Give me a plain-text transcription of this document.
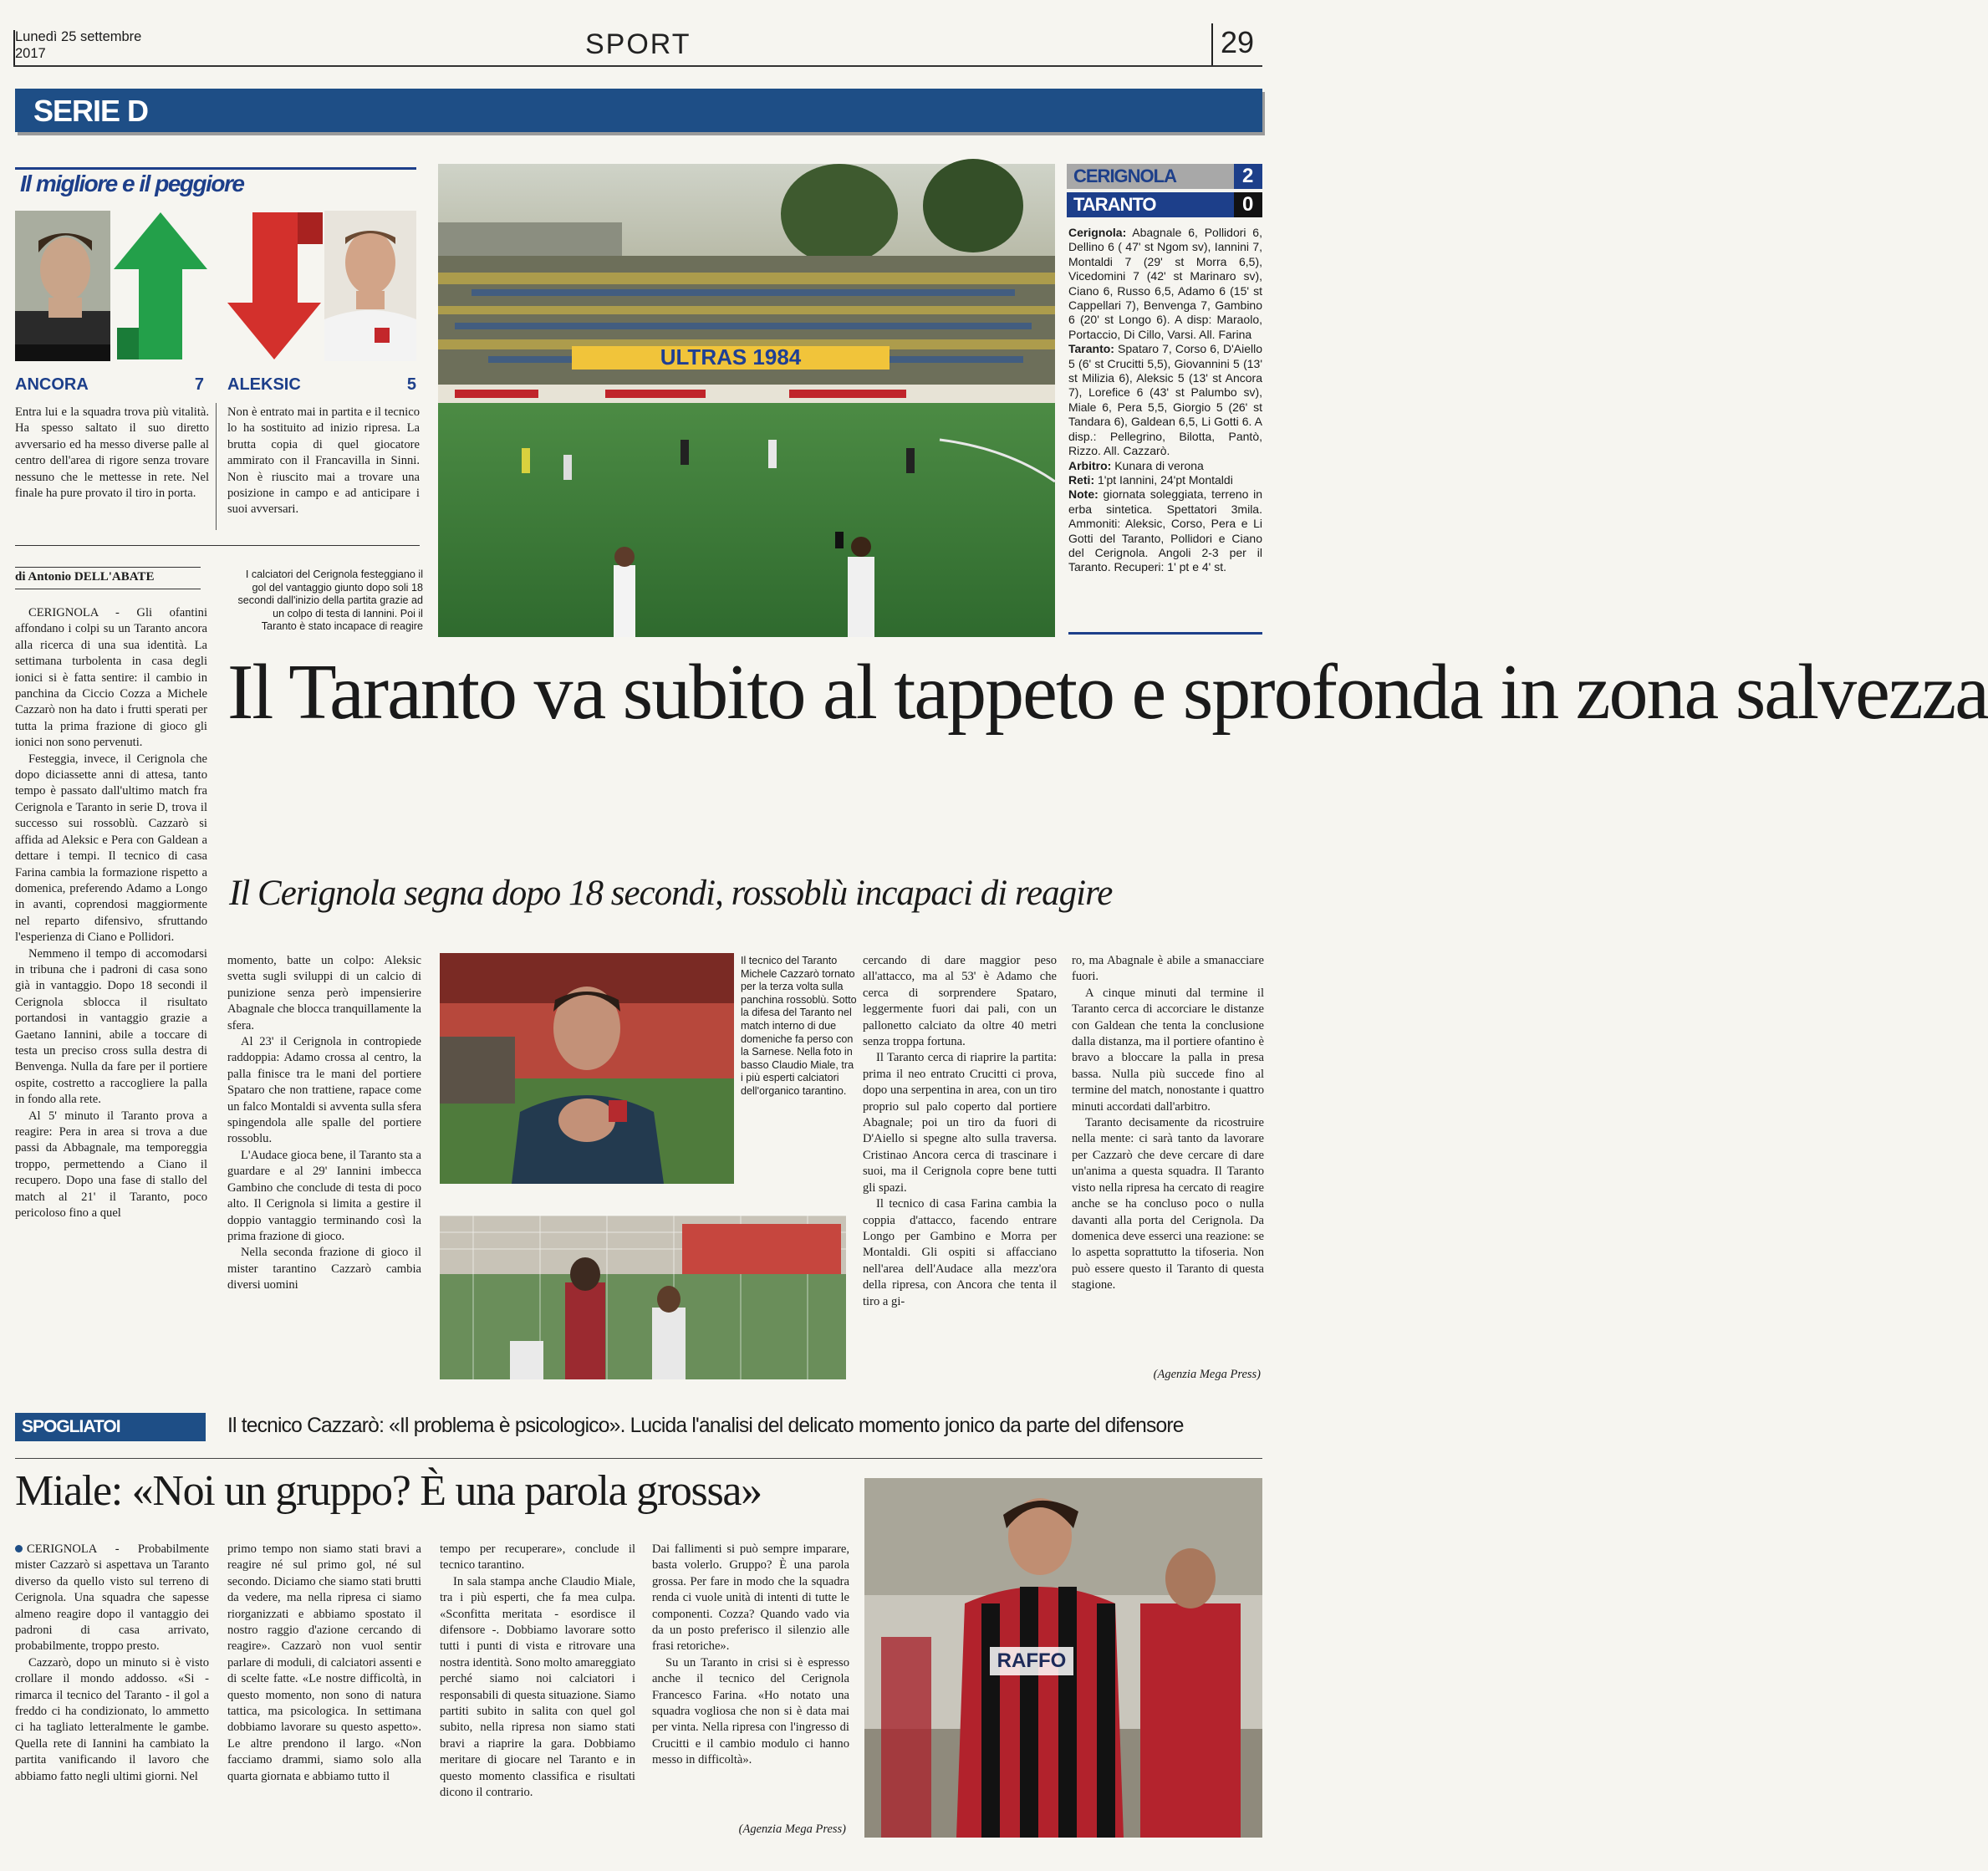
Lunedì 25 settembre
2017	SPORT	29
SERIE D
Il migliore e il peggiore
ANCORA	7 ALEKSIC	5
Entra lui e la squadra trova più vitalità. Ha spesso saltato il suo diretto avversario ed ha messo diverse palle al centro dell'area di rigore senza trovare nessuno che le mettesse in rete. Nel finale ha pure provato il tiro in porta.
Non è entrato mai in partita e il tecnico lo ha sostituito ad inizio ripresa. La brutta copia di quel giocatore ammirato con il Francavilla in Sinni. Non è riuscito mai a trovare una posizione in campo e ad anticipare i suoi avversari.
ULTRAS 1984
I calciatori del Cerignola festeggiano il gol del vantaggio giunto dopo soli 18 secondi dall'inizio della partita grazie ad un colpo di testa di Iannini. Poi il Taranto è stato incapace di reagire
CERIGNOLA	2
TARANTO	0
Cerignola: Abagnale 6, Pollidori 6, Dellino 6 ( 47' st Ngom sv), Iannini 7, Montaldi 7 (29' st Morra 6,5), Vicedomini 7 (42' st Marinaro sv), Ciano 6, Russo 6,5, Adamo 6 (15' st Cappellari 7), Benvenga 7, Gambino 6 (20' st Longo 6). A disp: Maraolo, Portaccio, Di Cillo, Varsi. All. Farina
Taranto: Spataro 7, Corso 6, D'Aiello 5 (6' st Crucitti 5,5), Giovannini 5 (13' st Milizia 6), Aleksic 5 (13' st Ancora 7), Lorefice 6 (43' st Palumbo sv), Miale 6, Pera 5,5, Giorgio 5 (26' st Tandara 6), Galdean 6,5, Li Gotti 6. A disp.: Pellegrino, Bilotta, Pantò, Rizzo. All. Cazzarò.
Arbitro: Kunara di verona
Reti: 1'pt Iannini, 24'pt Montaldi
Note: giornata soleggiata, terreno in erba sintetica. Spettatori 3mila. Ammoniti: Aleksic, Corso, Pera e Li Gotti del Taranto, Pollidori e Ciano del Cerignola. Angoli 2-3 per il Taranto. Recuperi: 1' pt e 4' st.
di Antonio DELL'ABATE

CERIGNOLA - Gli ofantini affondano i colpi su un Taranto ancora alla ricerca di una sua identità. La settimana turbolenta in casa degli ionici si è fatta sentire: il cambio in panchina da Ciccio Cozza a Michele Cazzarò non ha dato i frutti sperati per tutta la prima frazione di gioco gli ionici non sono pervenuti.

Festeggia, invece, il Cerignola che dopo diciassette anni di attesa, tanto tempo è passato dall'ultimo match fra Cerignola e Taranto in serie D, trova il successo sui rossoblù. Cazzarò si affida ad Aleksic e Pera con Galdean a dettare i tempi. Il tecnico di casa Farina cambia la formazione rispetto a domenica, preferendo Adamo a Longo in avanti, coprendosi maggiormente nel reparto difensivo, sfruttando l'esperienza di Ciano e Pollidori.

Nemmeno il tempo di accomodarsi in tribuna che i padroni di casa sono già in vantaggio. Dopo 18 secondi il Cerignola sblocca il risultato portandosi in vantaggio grazie a Gaetano Iannini, abile a toccare di testa un preciso cross sulla destra di Benvenga. Nulla da fare per il portiere ospite, costretto a raccogliere la palla in fondo alla rete.

Al 5' minuto il Taranto prova a reagire: Pera in area si trova a due passi da Abbagnale, ma temporeggia troppo, permettendo a Ciano il recupero. Dopo una fase di stallo del match al 21' il Taranto, poco pericoloso fino a quel

Il Taranto va subito al tappeto e sprofonda in zona salvezza
Il Cerignola segna dopo 18 secondi, rossoblù incapaci di reagire

momento, batte un colpo: Aleksic svetta sugli sviluppi di un calcio di punizione senza però impensierire Abagnale che blocca tranquillamente la sfera.

Al 23' il Cerignola in contropiede raddoppia: Adamo crossa al centro, la palla finisce tra le mani del portiere Spataro che non trattiene, rapace come un falco Montaldi si avventa sulla sfera spingendola alle spalle del portiere rossoblu.

L'Audace gioca bene, il Taranto sta a guardare e al 29' Iannini imbecca Gambino che conclude di testa di poco alto. Il Cerignola si limita a gestire il doppio vantaggio terminando così la prima frazione di gioco.

Nella seconda frazione di gioco il mister tarantino Cazzarò cambia diversi uomini

Il tecnico del Taranto Michele Cazzarò tornato per la terza volta sulla panchina rossoblù. Sotto la difesa del Taranto nel match interno di due domeniche fa perso con la Sarnese. Nella foto in basso Claudio Miale, tra i più esperti calciatori dell'organico tarantino.

cercando di dare maggior peso all'attacco, ma al 53' è Adamo che cerca di sorprendere Spataro, leggermente fuori dai pali, con un pallonetto calciato da oltre 40 metri senza troppa fortuna.

Il Taranto cerca di riaprire la partita: prima il neo entrato Crucitti ci prova, dopo una serpentina in area, con un tiro proprio sul palo coperto dal portiere Abagnale; poi un tiro da fuori di D'Aiello si spegne alto sulla traversa. Cristinao Ancora cerca di trascinare i suoi, ma il Cerignola copre bene tutti gli spazi.

Il tecnico di casa Farina cambia la coppia d'attacco, facendo entrare Longo per Gambino e Morra per Montaldi. Gli ospiti si affacciano nell'area dell'Audace alla mezz'ora della ripresa, con Ancora che tenta il tiro a gi-

ro, ma Abagnale è abile a smanacciare fuori.

A cinque minuti dal termine il Taranto cerca di accorciare le distanze con Galdean che tenta la conclusione dalla distanza, ma il portiere ofantino è bravo a bloccare la palla in presa bassa. Nulla più succede fino al termine del match, nonostante i quattro minuti accordati dall'arbitro.

Taranto decisamente da ricostruire nella mente: ci sarà tanto da lavorare per Cazzarò che deve cercare di dare un'anima a questa squadra. Il Taranto visto nella ripresa ha cercato di reagire anche se ha concluso poco o nulla davanti alla porta del Cerignola. Da domenica deve esserci una reazione: se lo aspetta soprattutto la tifoseria. Non può essere questo il Taranto di questa stagione.

(Agenzia Mega Press)
SPOGLIATOI	Il tecnico Cazzarò: «Il problema è psicologico». Lucida l'analisi del delicato momento jonico da parte del difensore
Miale: «Noi un gruppo? È una parola grossa»

CERIGNOLA - Probabilmente mister Cazzarò si aspettava un Taranto diverso da quello visto sul terreno di Cerignola. Una squadra che sapesse almeno reagire dopo il vantaggio dei padroni di casa arrivato, probabilmente, troppo presto.

Cazzarò, dopo un minuto si è visto crollare il mondo addosso. «Si - rimarca il tecnico del Taranto - il gol a freddo ci ha condizionato, lo ammetto ci ha tagliato letteralmente le gambe. Quella rete di Iannini ha cambiato la partita vanificando il lavoro che abbiamo fatto negli ultimi giorni. Nel

primo tempo non siamo stati bravi a reagire né sul primo gol, né sul secondo. Diciamo che siamo stati brutti da vedere, ma nella ripresa ci siamo riorganizzati e abbiamo spostato il nostro raggio d'azione cercando di reagire». Cazzarò non vuol sentir parlare di moduli, di calciatori assenti e di scelte fatte. «Le nostre difficoltà, in questo momento, non sono di natura tattica, ma psicologica. In settimana dobbiamo lavorare su questo aspetto». Le altre prendono il largo. «Non facciamo drammi, siamo solo alla quarta giornata e abbiamo tutto il

tempo per recuperare», conclude il tecnico tarantino.

In sala stampa anche Claudio Miale, tra i più esperti, che fa mea culpa. «Sconfitta meritata - esordisce il difensore -. Dobbiamo lavorare sotto tutti i punti di vista e ritrovare una nostra identità. Sono molto amareggiato perché siamo noi calciatori i responsabili di questa situazione. Siamo partiti subito in salita con quel gol subito, nella ripresa non siamo stati bravi a riaprire la gara. Dobbiamo meritare di giocare nel Taranto e in questo momento classifica e risultati dicono il contrario.

Dai fallimenti si può sempre imparare, basta volerlo. Gruppo? È una parola grossa. Per fare in modo che la squadra renda ci vuole unità di intenti di tutte le componenti. Cozza? Quando vado via da un posto preferisco il silenzio alle frasi retoriche».

Su un Taranto in crisi si è espresso anche il tecnico del Cerignola Francesco Farina. «Ho notato una squadra vogliosa che non si è data mai per vinta. Nella ripresa con l'ingresso di Crucitti e il cambio modulo ci hanno messo in difficoltà».

(Agenzia Mega Press)
RAFFO
